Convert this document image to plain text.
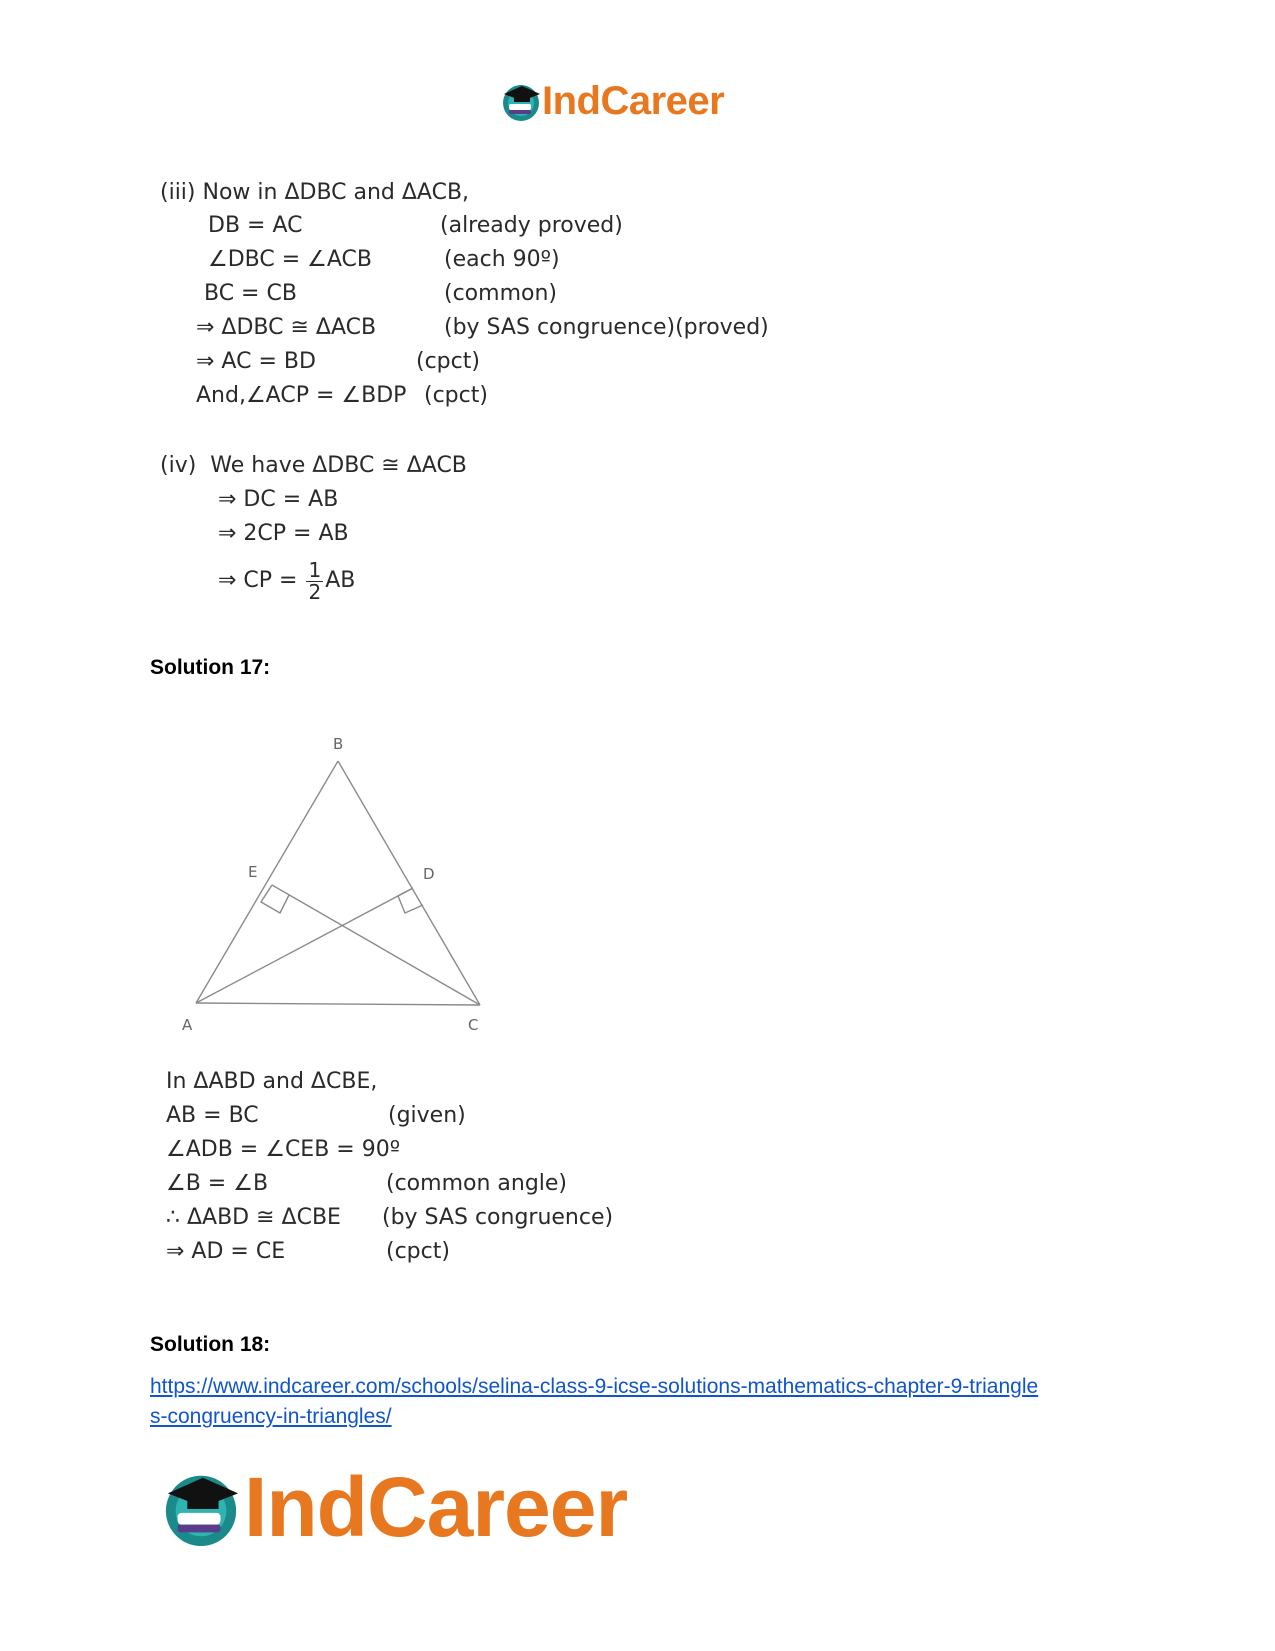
IndCareer
(iii) Now in ΔDBC and ΔACB,
DB = AC	(already proved)
∠DBC = ∠ACB	(each 90º)
BC = CB	(common)
⇒ ΔDBC ≅ ΔACB	(by SAS congruence)(proved)
⇒ AC = BD	(cpct)
And,∠ACP = ∠BDP (cpct)
(iv)  We have ΔDBC ≅ ΔACB
⇒ DC = AB
⇒ 2CP = AB
⇒ CP = $\frac{1}{2}$ AB
Solution 17:
B
E	D
A	C
In ΔABD and ΔCBE,
AB = BC	(given)
∠ADB = ∠CEB = 90º
∠B = ∠B	(common angle)
∴ ΔABD ≅ ΔCBE (by SAS congruence)
⇒ AD = CE	(cpct)
Solution 18:
https://www.indcareer.com/schools/selina-class-9-icse-solutions-mathematics-chapter-9-triangle
s-congruency-in-triangles/
IndCareer
